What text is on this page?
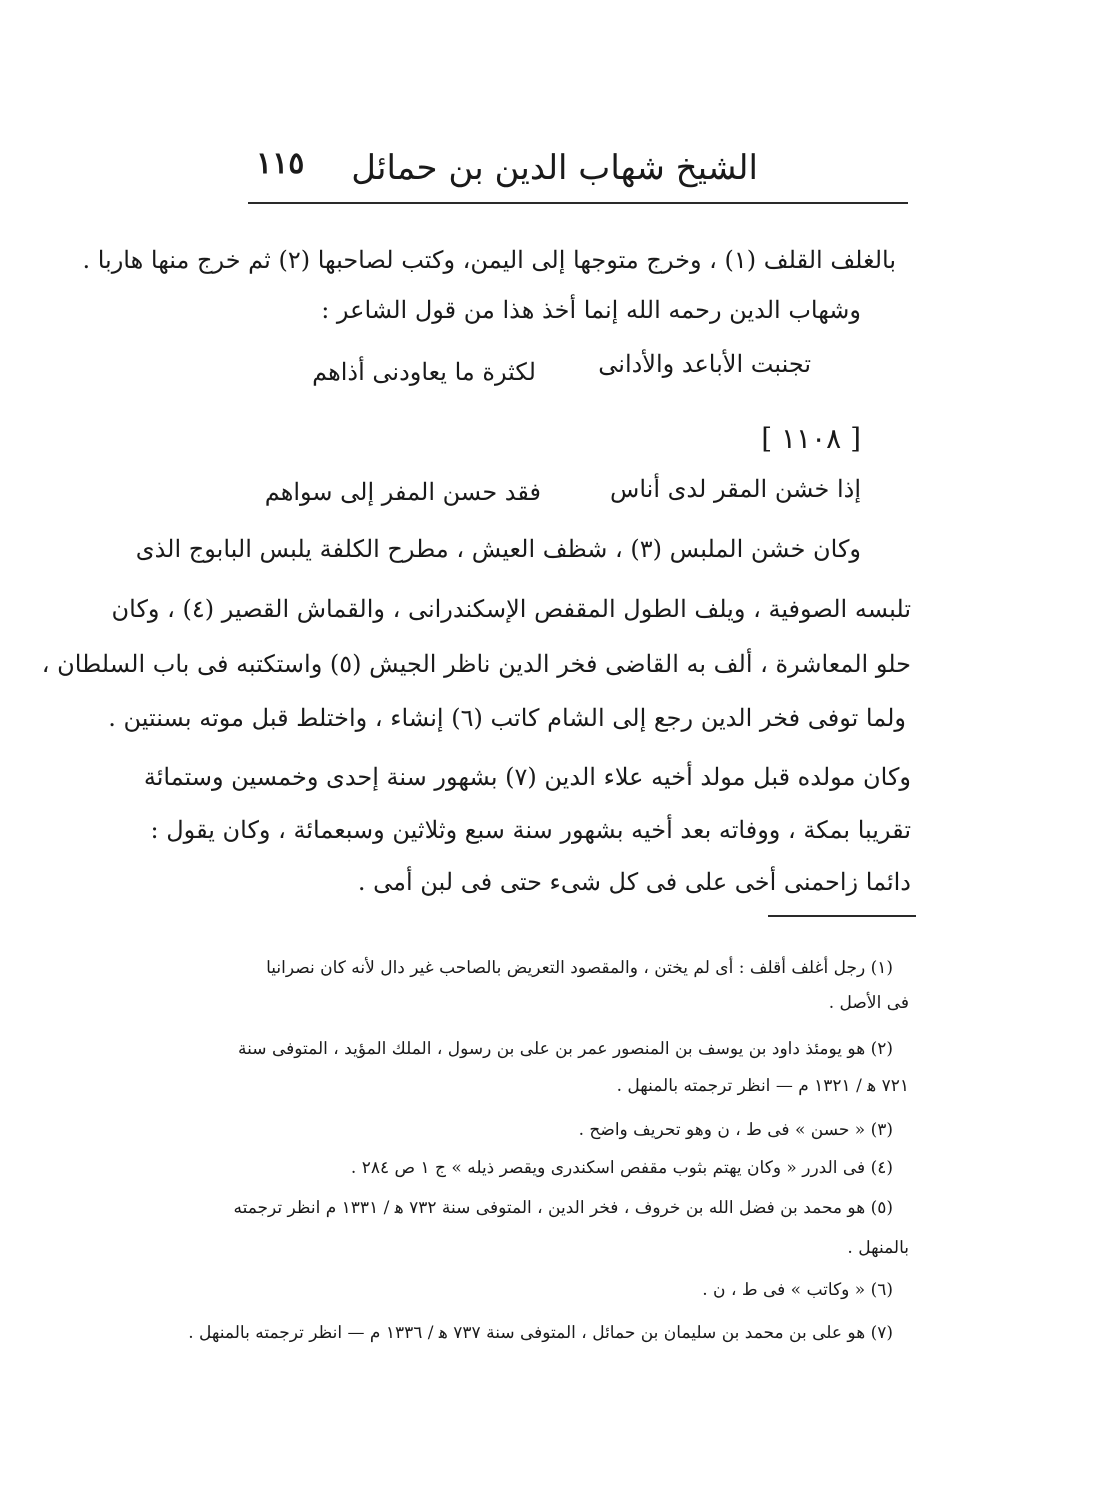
الشيخ شهاب الدين بن حمائل
١١٥
بالغلف القلف (١) ، وخرج متوجها إلى اليمن، وكتب لصاحبها (٢) ثم خرج منها هاربا .
وشهاب الدين رحمه الله إنما أخذ هذا من قول الشاعر :
تجنبت الأباعد والأدانى
لكثرة ما يعاودنى أذاهم
[ ١١٠٨ ]
إذا خشن المقر لدى أناس
فقد حسن المفر إلى سواهم
وكان خشن الملبس (٣) ، شظف العيش ، مطرح الكلفة يلبس البابوج الذى
تلبسه الصوفية ، ويلف الطول المقفص الإسكندرانى ، والقماش القصير (٤) ، وكان
حلو المعاشرة ، ألف به القاضى فخر الدين ناظر الجيش (٥) واستكتبه فى باب السلطان ،
ولما توفى فخر الدين رجع إلى الشام كاتب (٦) إنشاء ، واختلط قبل موته بسنتين .
وكان مولده قبل مولد أخيه علاء الدين (٧) بشهور سنة إحدى وخمسين وستمائة
تقريبا بمكة ، ووفاته بعد أخيه بشهور سنة سبع وثلاثين وسبعمائة ، وكان يقول :
دائما زاحمنى أخى على فى كل شىء حتى فى لبن أمى .
(١) رجل أغلف أقلف : أى لم يختن ، والمقصود التعريض بالصاحب غير دال لأنه كان نصرانيا
فى الأصل .
(٢) هو يومئذ داود بن يوسف بن المنصور عمر بن على بن رسول ، الملك المؤيد ، المتوفى سنة
٧٢١ ﻫ / ١٣٢١ م — انظر ترجمته بالمنهل .
(٣) « حسن » فى ط ، ن وهو تحريف واضح .
(٤) فى الدرر « وكان يهتم بثوب مقفص اسكندرى ويقصر ذيله » ج ١ ص ٢٨٤ .
(٥) هو محمد بن فضل الله بن خروف ، فخر الدين ، المتوفى سنة ٧٣٢ ﻫ / ١٣٣١ م انظر ترجمته
بالمنهل .
(٦) « وكاتب » فى ط ، ن .
(٧) هو على بن محمد بن سليمان بن حمائل ، المتوفى سنة ٧٣٧ ﻫ / ١٣٣٦ م — انظر ترجمته بالمنهل .
